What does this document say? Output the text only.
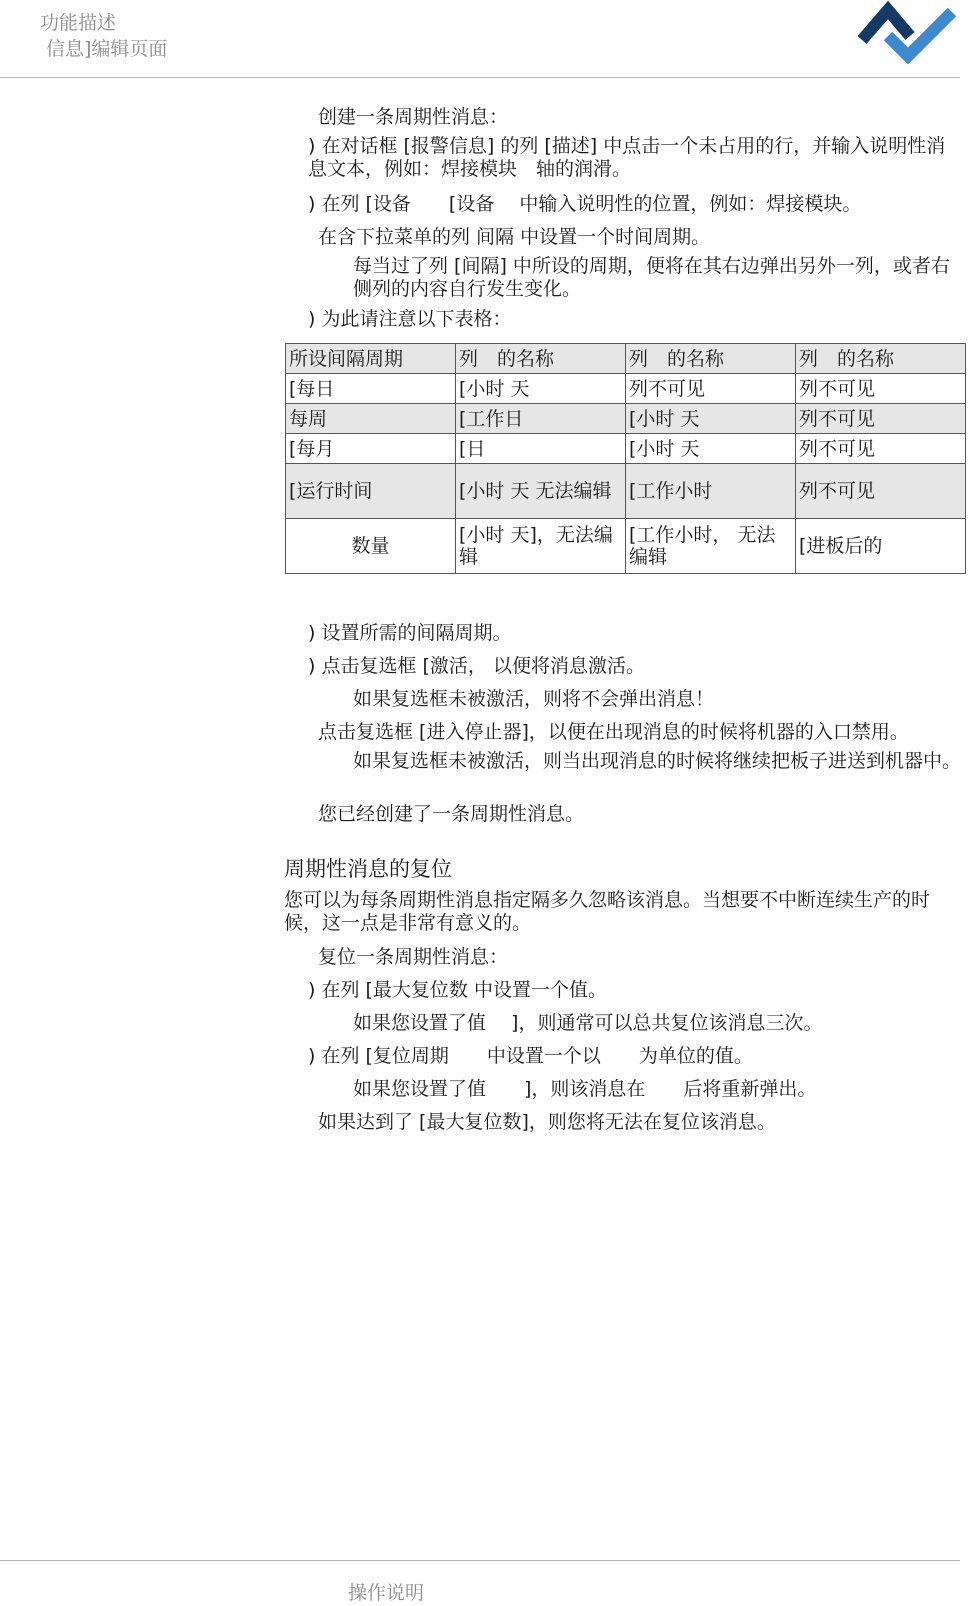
功能描述
信息]编辑页面
创建一条周期性消息：
) 在对话框 [报警信息] 的列 [描述] 中点击一个未占用的行，并输入说明性消息文本，例如：焊接模块　轴的润滑。
) 在列 [设备　　[设备　 中输入说明性的位置，例如：焊接模块。
在含下拉菜单的列 间隔 中设置一个时间周期。
每当过了列 [间隔] 中所设的周期，便将在其右边弹出另外一列，或者右侧列的内容自行发生变化。
) 为此请注意以下表格：
所设间隔周期	列　的名称	列　的名称	列　的名称
[每日	[小时 天	列不可见	列不可见
每周	[工作日	[小时 天	列不可见
[每月	[日	[小时 天	列不可见
[运行时间	[小时 天 无法编辑	[工作小时	列不可见
数量	[小时 天]，无法编辑	[工作小时， 无法编辑	[进板后的
) 设置所需的间隔周期。
) 点击复选框 [激活， 以便将消息激活。
如果复选框未被激活，则将不会弹出消息！
点击复选框 [进入停止器]，以便在出现消息的时候将机器的入口禁用。
如果复选框未被激活，则当出现消息的时候将继续把板子进送到机器中。
您已经创建了一条周期性消息。
周期性消息的复位
您可以为每条周期性消息指定隔多久忽略该消息。当想要不中断连续生产的时候，这一点是非常有意义的。
复位一条周期性消息：
) 在列 [最大复位数 中设置一个值。
如果您设置了值　 ]，则通常可以总共复位该消息三次。
) 在列 [复位周期　　中设置一个以　　为单位的值。
如果您设置了值　　]，则该消息在　　后将重新弹出。
如果达到了 [最大复位数]，则您将无法在复位该消息。
操作说明
